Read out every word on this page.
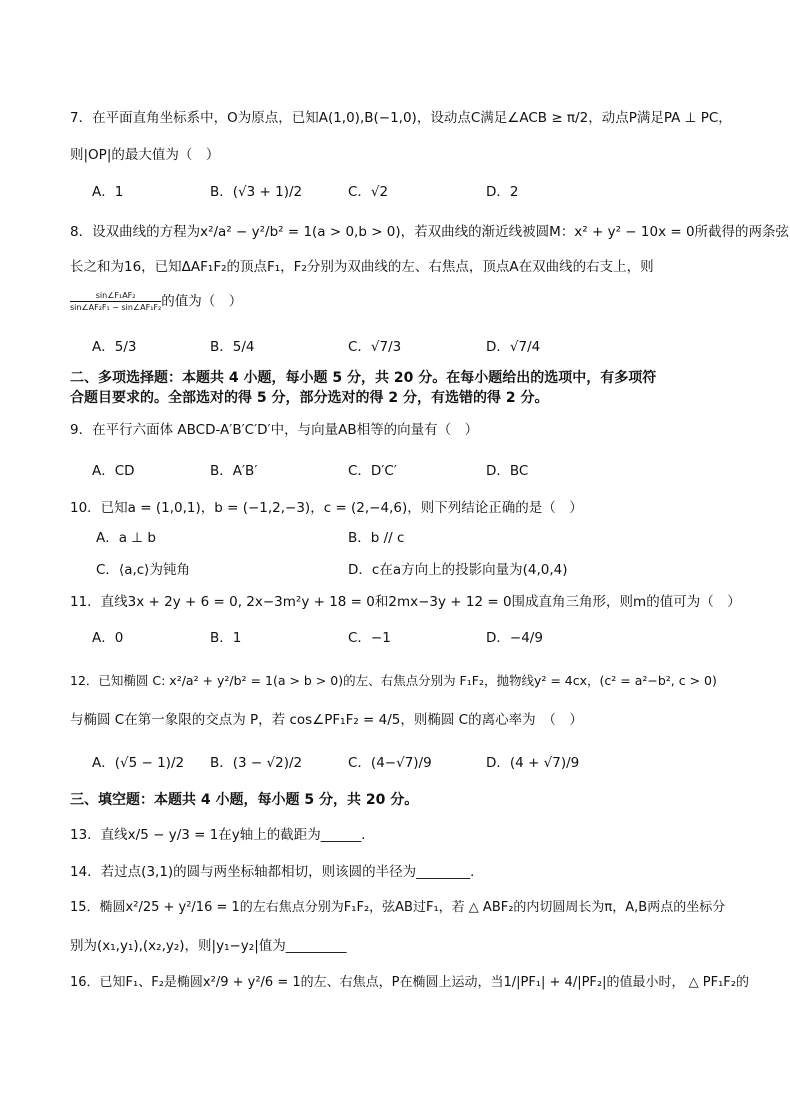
7．在平面直角坐标系中，O为原点，已知A(1,0),B(−1,0)，设动点C满足∠ACB ≥ π/2，动点P满足PA ⊥ PC，
则|OP|的最大值为（　）
A．1	B．(√3 + 1)/2	C．√2	D．2
8．设双曲线的方程为x²/a² − y²/b² = 1(a > 0,b > 0)，若双曲线的渐近线被圆M：x² + y² − 10x = 0所截得的两条弦
长之和为16，已知ΔAF₁F₂的顶点F₁，F₂分别为双曲线的左、右焦点，顶点A在双曲线的右支上，则
$\frac{\text{sin∠F₁AF₂}}{\text{sin∠AF₂F₁ − sin∠AF₁F₂}}$的值为（　）
A．5/3	B．5/4	C．√7/3	D．√7/4
二、多项选择题：本题共 4 小题，每小题 5 分，共 20 分。在每小题给出的选项中，有多项符
合题目要求的。全部选对的得 5 分，部分选对的得 2 分，有选错的得 2 分。
9．在平行六面体 ABCD-A′B′C′D′中，与向量AB相等的向量有（　）
A．CD	B．A′B′	C．D′C′	D．BC
10．已知a = (1,0,1)，b = (−1,2,−3)，c = (2,−4,6)，则下列结论正确的是（　）
A．a ⊥ b	B．b // c
C．⟨a,c⟩为钝角	D．c在a方向上的投影向量为(4,0,4)
11．直线3x + 2y + 6 = 0, 2x−3m²y + 18 = 0和2mx−3y + 12 = 0围成直角三角形，则m的值可为（　）
A．0	B．1	C．−1	D．−4/9
12．已知椭圆 C: x²/a² + y²/b² = 1(a > b > 0)的左、右焦点分别为 F₁F₂，抛物线y² = 4cx，(c² = a²−b², c > 0)
与椭圆 C在第一象限的交点为 P，若 cos∠PF₁F₂ = 4/5，则椭圆 C的离心率为　（　）
A．(√5 − 1)/2 B．(3 − √2)/2	C．(4−√7)/9	D．(4 + √7)/9
三、填空题：本题共 4 小题，每小题 5 分，共 20 分。
13．直线x/5 − y/3 = 1在y轴上的截距为______．
14．若过点(3,1)的圆与两坐标轴都相切，则该圆的半径为________．
15．椭圆x²/25 + y²/16 = 1的左右焦点分别为F₁F₂，弦AB过F₁，若 △ ABF₂的内切圆周长为π，A,B两点的坐标分
别为(x₁,y₁),(x₂,y₂)，则|y₁−y₂|值为_________
16．已知F₁、F₂是椭圆x²/9 + y²/6 = 1的左、右焦点，P在椭圆上运动，当1/|PF₁| + 4/|PF₂|的值最小时， △ PF₁F₂的
